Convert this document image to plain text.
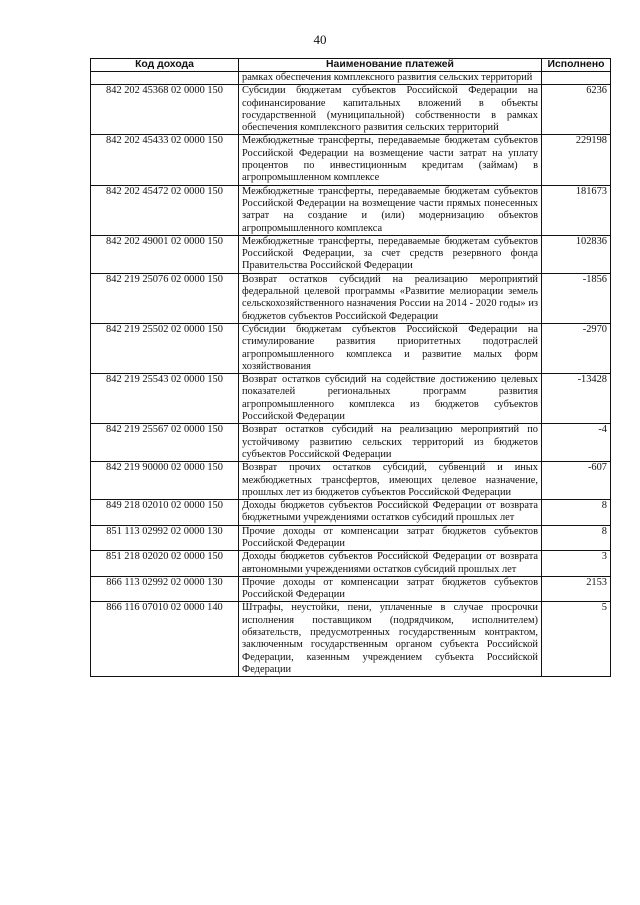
40
Код дохода	Наименование платежей	Исполнено
	рамках обеспечения комплексного развития сельских территорий	
842 202 45368 02 0000 150	Субсидии бюджетам субъектов Российской Федерации на софинансирование капитальных вложений в объекты государственной (муниципальной) собственности в рамках обеспечения комплексного развития сельских территорий	6236
842 202 45433 02 0000 150	Межбюджетные трансферты, передаваемые бюджетам субъектов Российской Федерации на возмещение части затрат на уплату процентов по инвестиционным кредитам (займам) в агропромышленном комплексе	229198
842 202 45472 02 0000 150	Межбюджетные трансферты, передаваемые бюджетам субъектов Российской Федерации на возмещение части прямых понесенных затрат на создание и (или) модернизацию объектов агропромышленного комплекса	181673
842 202 49001 02 0000 150	Межбюджетные трансферты, передаваемые бюджетам субъектов Российской Федерации, за счет средств резервного фонда Правительства Российской Федерации	102836
842 219 25076 02 0000 150	Возврат остатков субсидий на реализацию мероприятий федеральной целевой программы «Развитие мелиорации земель сельскохозяйственного назначения России на 2014 - 2020 годы» из бюджетов субъектов Российской Федерации	-1856
842 219 25502 02 0000 150	Субсидии бюджетам субъектов Российской Федерации на стимулирование развития приоритетных подотраслей агропромышленного комплекса и развитие малых форм хозяйствования	-2970
842 219 25543 02 0000 150	Возврат остатков субсидий на содействие достижению целевых показателей региональных программ развития агропромышленного комплекса из бюджетов субъектов Российской Федерации	-13428
842 219 25567 02 0000 150	Возврат остатков субсидий на реализацию мероприятий по устойчивому развитию сельских территорий из бюджетов субъектов Российской Федерации	-4
842 219 90000 02 0000 150	Возврат прочих остатков субсидий, субвенций и иных межбюджетных трансфертов, имеющих целевое назначение, прошлых лет из бюджетов субъектов Российской Федерации	-607
849 218 02010 02 0000 150	Доходы бюджетов субъектов Российской Федерации от возврата бюджетными учреждениями остатков субсидий прошлых лет	8
851 113 02992 02 0000 130	Прочие доходы от компенсации затрат бюджетов субъектов Российской Федерации	8
851 218 02020 02 0000 150	Доходы бюджетов субъектов Российской Федерации от возврата автономными учреждениями остатков субсидий прошлых лет	3
866 113 02992 02 0000 130	Прочие доходы от компенсации затрат бюджетов субъектов Российской Федерации	2153
866 116 07010 02 0000 140	Штрафы, неустойки, пени, уплаченные в случае просрочки исполнения поставщиком (подрядчиком, исполнителем) обязательств, предусмотренных государственным контрактом, заключенным государственным органом субъекта Российской Федерации, казенным учреждением субъекта Российской Федерации	5
